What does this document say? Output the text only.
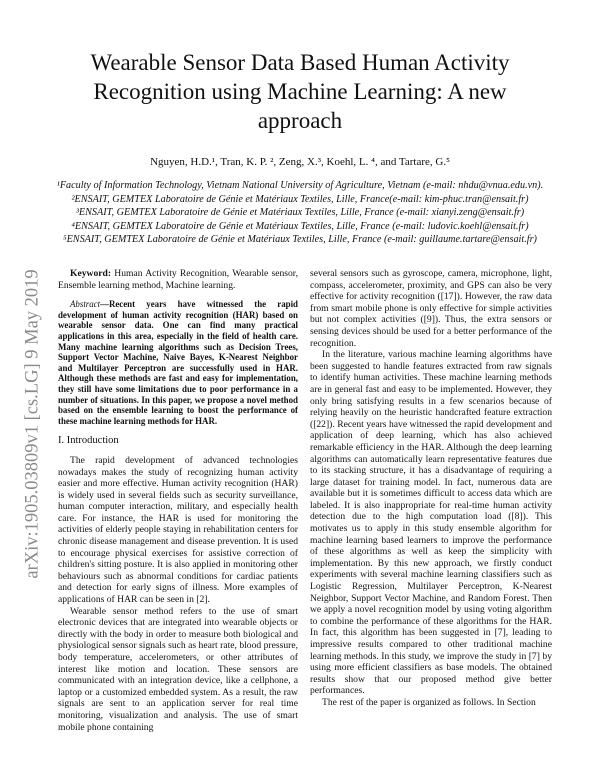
Wearable Sensor Data Based Human Activity Recognition using Machine Learning: A new approach
Nguyen, H.D.¹, Tran, K. P. ², Zeng, X.³, Koehl, L. ⁴, and Tartare, G.⁵
¹Faculty of Information Technology, Vietnam National University of Agriculture, Vietnam (e-mail: nhdu@vnua.edu.vn).
²ENSAIT, GEMTEX Laboratoire de Génie et Matériaux Textiles, Lille, France(e-mail: kim-phuc.tran@ensait.fr)
³ENSAIT, GEMTEX Laboratoire de Génie et Matériaux Textiles, Lille, France (e-mail: xianyi.zeng@ensait.fr)
⁴ENSAIT, GEMTEX Laboratoire de Génie et Matériaux Textiles, Lille, France (e-mail: ludovic.koehl@ensait.fr)
⁵ENSAIT, GEMTEX Laboratoire de Génie et Matériaux Textiles, Lille, France (e-mail: guillaume.tartare@ensait.fr)
arXiv:1905.03809v1 [cs.LG] 9 May 2019	Keyword: Human Activity Recognition, Wearable sensor, Ensemble learning method, Machine learning.

Abstract—Recent years have witnessed the rapid development of human activity recognition (HAR) based on wearable sensor data. One can find many practical applications in this area, especially in the field of health care. Many machine learning algorithms such as Decision Trees, Support Vector Machine, Naive Bayes, K-Nearest Neighbor and Multilayer Perceptron are successfully used in HAR. Although these methods are fast and easy for implementation, they still have some limitations due to poor performance in a number of situations. In this paper, we propose a novel method based on the ensemble learning to boost the performance of these machine learning methods for HAR.

I. Introduction

The rapid development of advanced technologies nowadays makes the study of recognizing human activity easier and more effective. Human activity recognition (HAR) is widely used in several fields such as security surveillance, human computer interaction, military, and especially health care. For instance, the HAR is used for monitoring the activities of elderly people staying in rehabilitation centers for chronic disease management and disease prevention. It is used to encourage physical exercises for assistive correction of children's sitting posture. It is also applied in monitoring other behaviours such as abnormal conditions for cardiac patients and detection for early signs of illness. More examples of applications of HAR can be seen in [2].

Wearable sensor method refers to the use of smart electronic devices that are integrated into wearable objects or directly with the body in order to measure both biological and physiological sensor signals such as heart rate, blood pressure, body temperature, accelerometers, or other attributes of interest like motion and location. These sensors are communicated with an integration device, like a cellphone, a laptop or a customized embedded system. As a result, the raw signals are sent to an application server for real time monitoring, visualization and analysis. The use of smart mobile phone containing

several sensors such as gyroscope, camera, microphone, light, compass, accelerometer, proximity, and GPS can also be very effective for activity recognition ([17]). However, the raw data from smart mobile phone is only effective for simple activities but not complex activities ([9]). Thus, the extra sensors or sensing devices should be used for a better performance of the recognition.

In the literature, various machine learning algorithms have been suggested to handle features extracted from raw signals to identify human activities. These machine learning methods are in general fast and easy to be implemented. However, they only bring satisfying results in a few scenarios because of relying heavily on the heuristic handcrafted feature extraction ([22]). Recent years have witnessed the rapid development and application of deep learning, which has also achieved remarkable efficiency in the HAR. Although the deep learning algorithms can automatically learn representative features due to its stacking structure, it has a disadvantage of requiring a large dataset for training model. In fact, numerous data are available but it is sometimes difficult to access data which are labeled. It is also inappropriate for real-time human activity detection due to the high computation load ([8]). This motivates us to apply in this study ensemble algorithm for machine learning based learners to improve the performance of these algorithms as well as keep the simplicity with implementation. By this new approach, we firstly conduct experiments with several machine learning classifiers such as Logistic Regression, Multilayer Perceptron, K-Nearest Neighbor, Support Vector Machine, and Random Forest. Then we apply a novel recognition model by using voting algorithm to combine the performance of these algorithms for the HAR. In fact, this algorithm has been suggested in [7], leading to impressive results compared to other traditional machine learning methods. In this study, we improve the study in [7] by using more efficient classifiers as base models. The obtained results show that our proposed method give better performances.

The rest of the paper is organized as follows. In Section
